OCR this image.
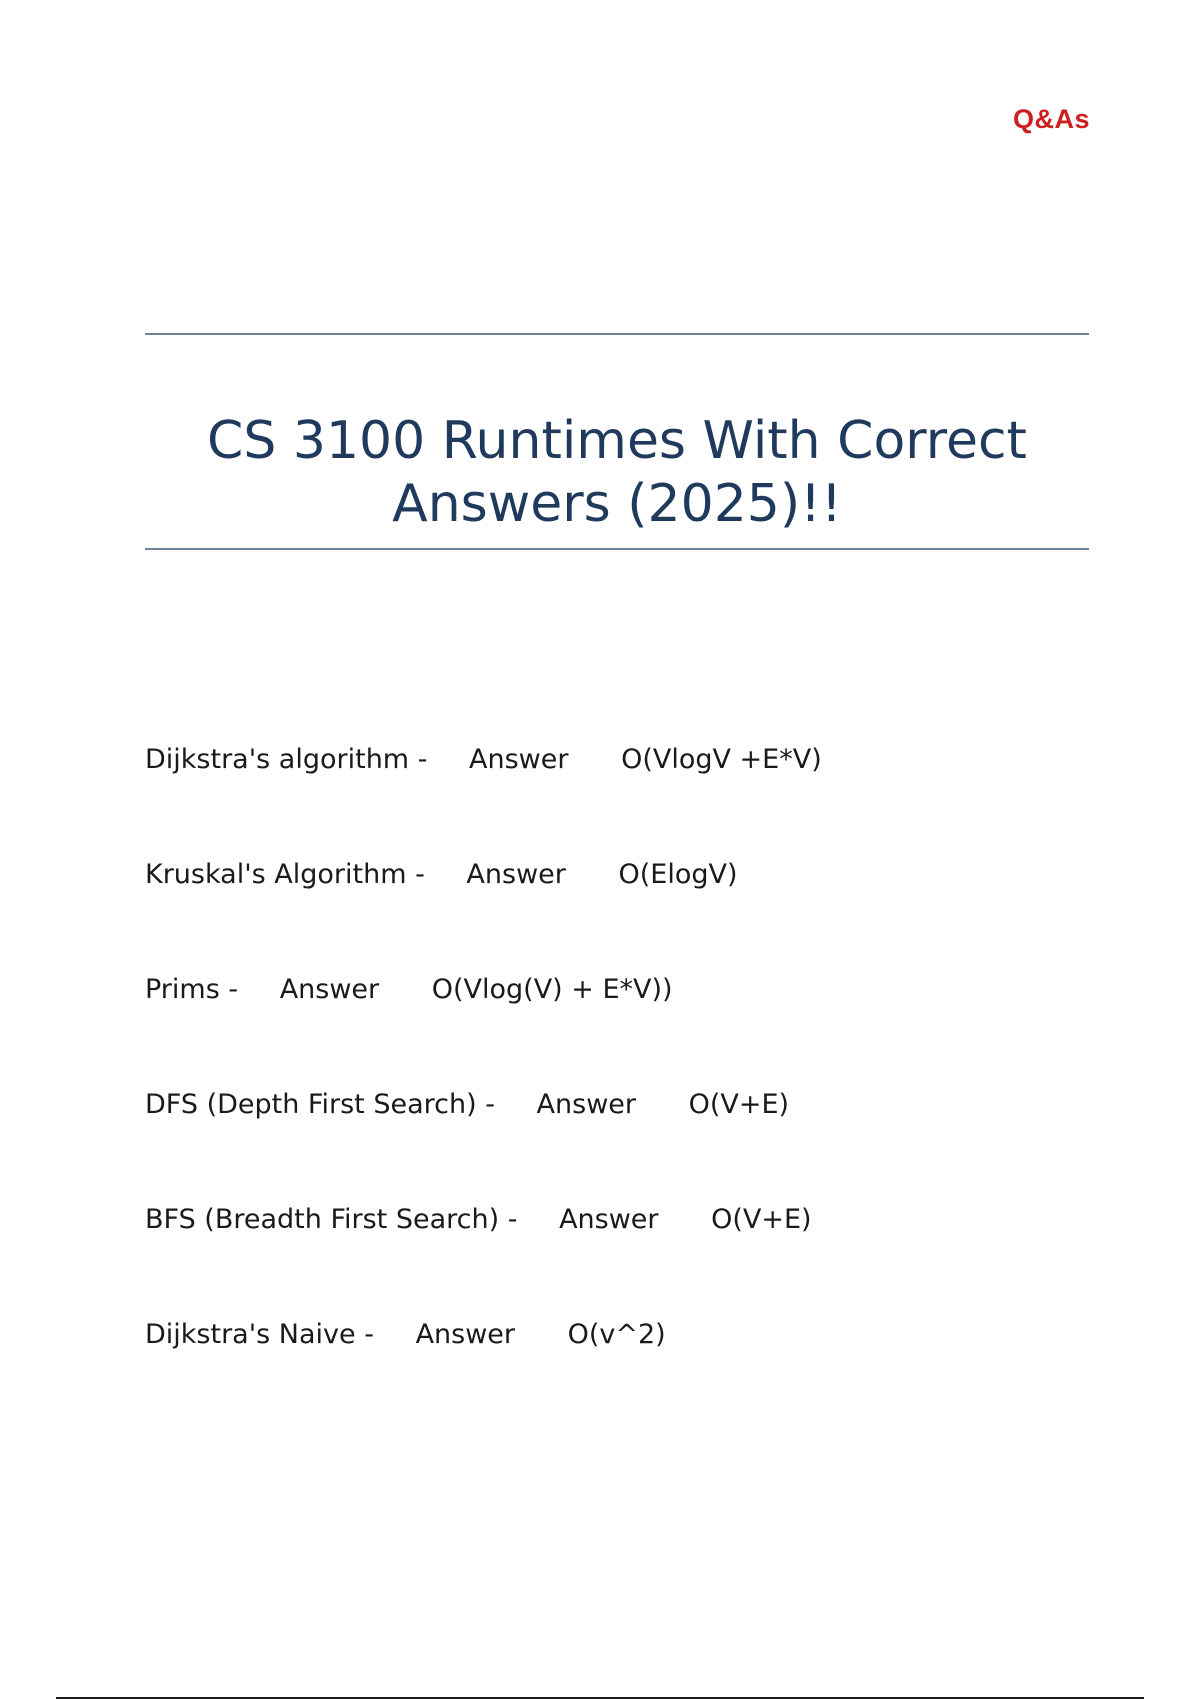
Q&As
CS 3100 Runtimes With Correct Answers (2025)!!
Dijkstra's algorithm - Answer O(VlogV +E*V)
Kruskal's Algorithm - Answer O(ElogV)
Prims - Answer O(Vlog(V) + E*V))
DFS (Depth First Search) - Answer O(V+E)
BFS (Breadth First Search) - Answer O(V+E)
Dijkstra's Naive - Answer O(v^2)
